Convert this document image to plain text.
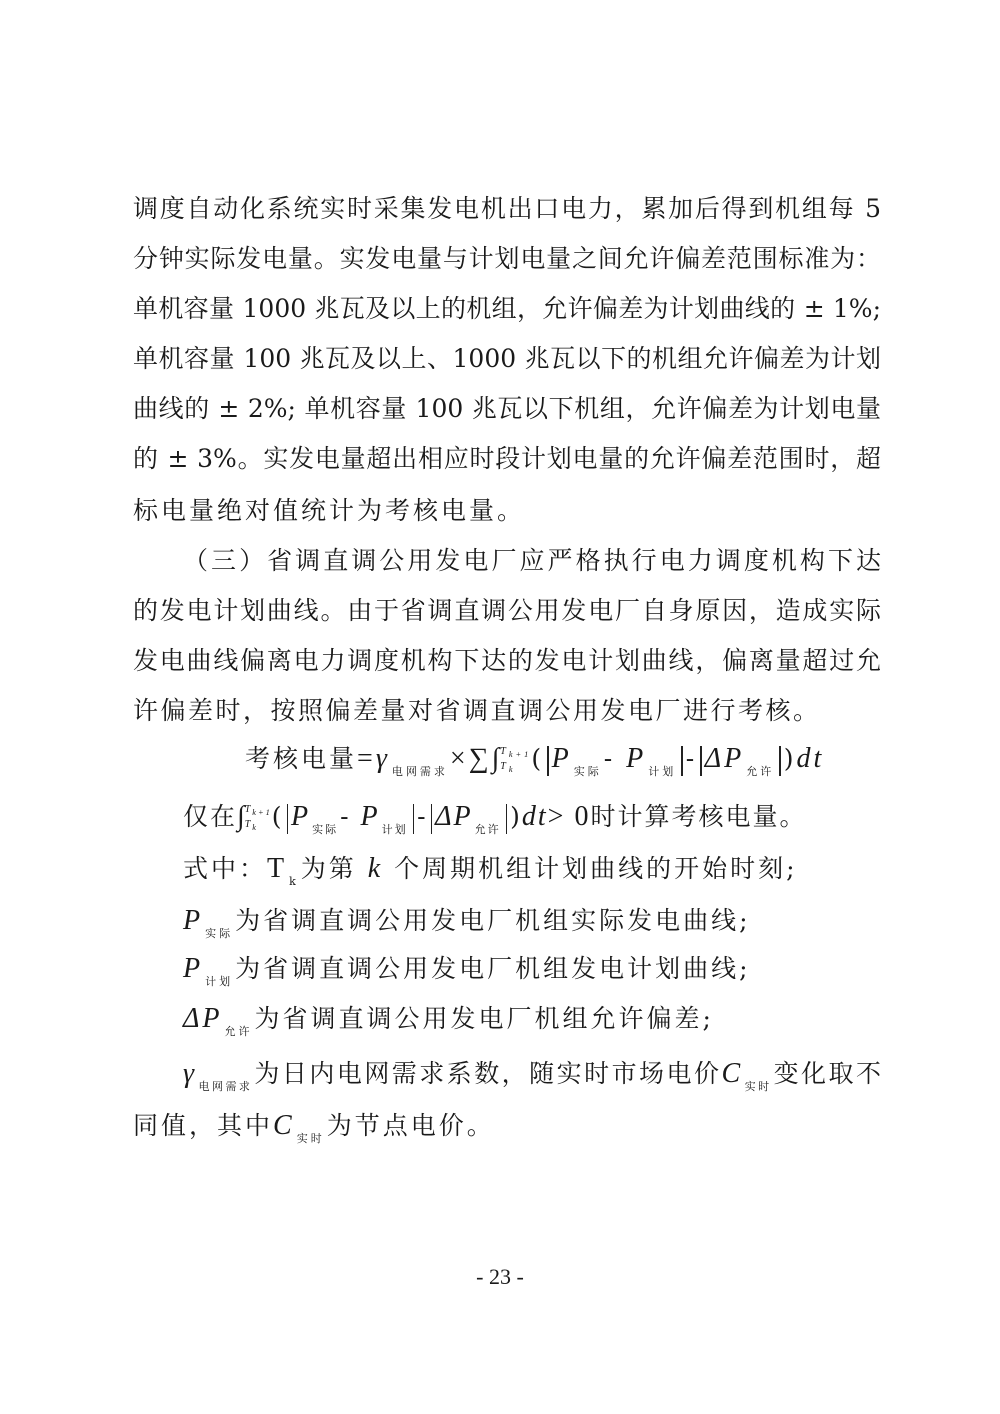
调度自动化系统实时采集发电机出口电力，累加后得到机组每 5
分钟实际发电量。实发电量与计划电量之间允许偏差范围标准为：
单机容量 1000 兆瓦及以上的机组，允许偏差为计划曲线的 ± 1%;
单机容量 100 兆瓦及以上、1000 兆瓦以下的机组允许偏差为计划
曲线的 ± 2%; 单机容量 100 兆瓦以下机组，允许偏差为计划电量
的 ± 3%。实发电量超出相应时段计划电量的允许偏差范围时，超
标电量绝对值统计为考核电量。
（三）省调直调公用发电厂应严格执行电力调度机构下达
的发电计划曲线。由于省调直调公用发电厂自身原因，造成实际
发电曲线偏离电力调度机构下达的发电计划曲线，偏离量超过允
许偏差时，按照偏差量对省调直调公用发电厂进行考核。
考核电量=γ $_{电网需求}\times\sum\int T_{k+1}$
$T_k$ ( P $_{实际}$- P $_{计划}$ - ΔP $_{允许}$ )dt
仅在$\int T_{k+1}$
$T_k$ ( P $_{实际}$- P $_{计划}$ - ΔP $_{允许}$ )dt> 0时计算考核电量。
式中：T $_k$为第 k 个周期机组计划曲线的开始时刻;
P $_{实际}$为省调直调公用发电厂机组实际发电曲线;
P $_{计划}$为省调直调公用发电厂机组发电计划曲线;
ΔP $_{允许}$为省调直调公用发电厂机组允许偏差;
γ $_{电网需求}$为日内电网需求系数，随实时市场电价C $_{实时}$变化取不
同值，其中C $_{实时}$为节点电价。
- 23 -
